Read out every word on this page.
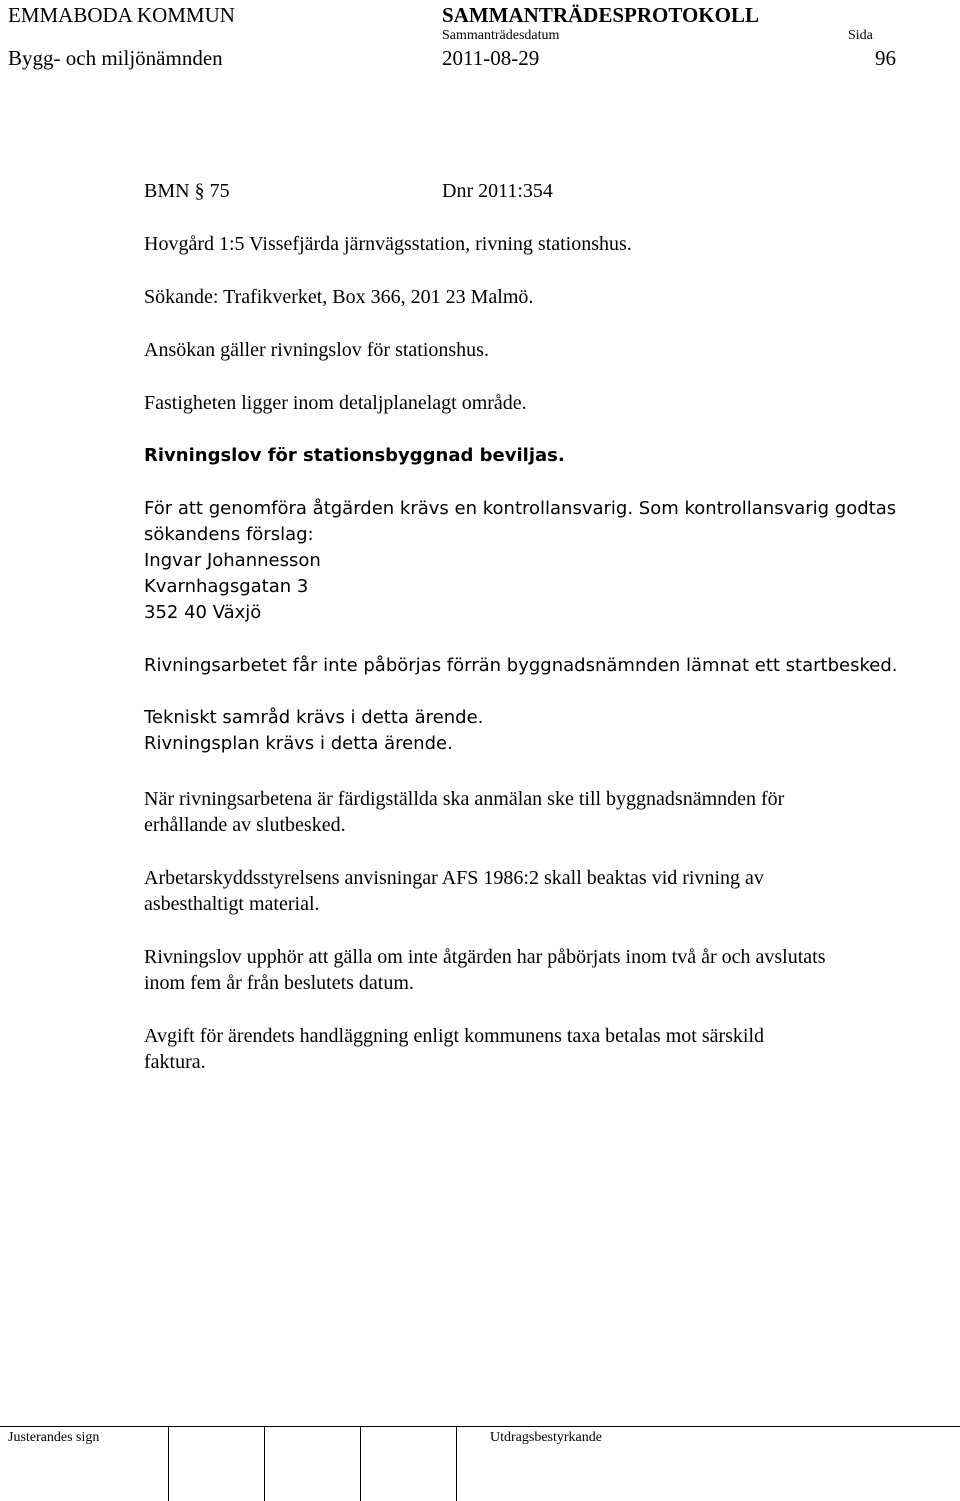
EMMABODA KOMMUN	SAMMANTRÄDESPROTOKOLL
Sammanträdesdatum	Sida
Bygg- och miljönämnden	2011-08-29	96
BMN § 75	Dnr 2011:354
Hovgård 1:5 Vissefjärda järnvägsstation, rivning stationshus.
Sökande: Trafikverket, Box 366, 201 23 Malmö.
Ansökan gäller rivningslov för stationshus.
Fastigheten ligger inom detaljplanelagt område.
Rivningslov för stationsbyggnad beviljas.
För att genomföra åtgärden krävs en kontrollansvarig. Som kontrollansvarig godtas
sökandens förslag:
Ingvar Johannesson
Kvarnhagsgatan 3
352 40 Växjö
Rivningsarbetet får inte påbörjas förrän byggnadsnämnden lämnat ett startbesked.
Tekniskt samråd krävs i detta ärende.
Rivningsplan krävs i detta ärende.
När rivningsarbetena är färdigställda ska anmälan ske till byggnadsnämnden för
erhållande av slutbesked.
Arbetarskyddsstyrelsens anvisningar AFS 1986:2 skall beaktas vid rivning av
asbesthaltigt material.
Rivningslov upphör att gälla om inte åtgärden har påbörjats inom två år och avslutats
inom fem år från beslutets datum.
Avgift för ärendets handläggning enligt kommunens taxa betalas mot särskild
faktura.
Justerandes sign	Utdragsbestyrkande
